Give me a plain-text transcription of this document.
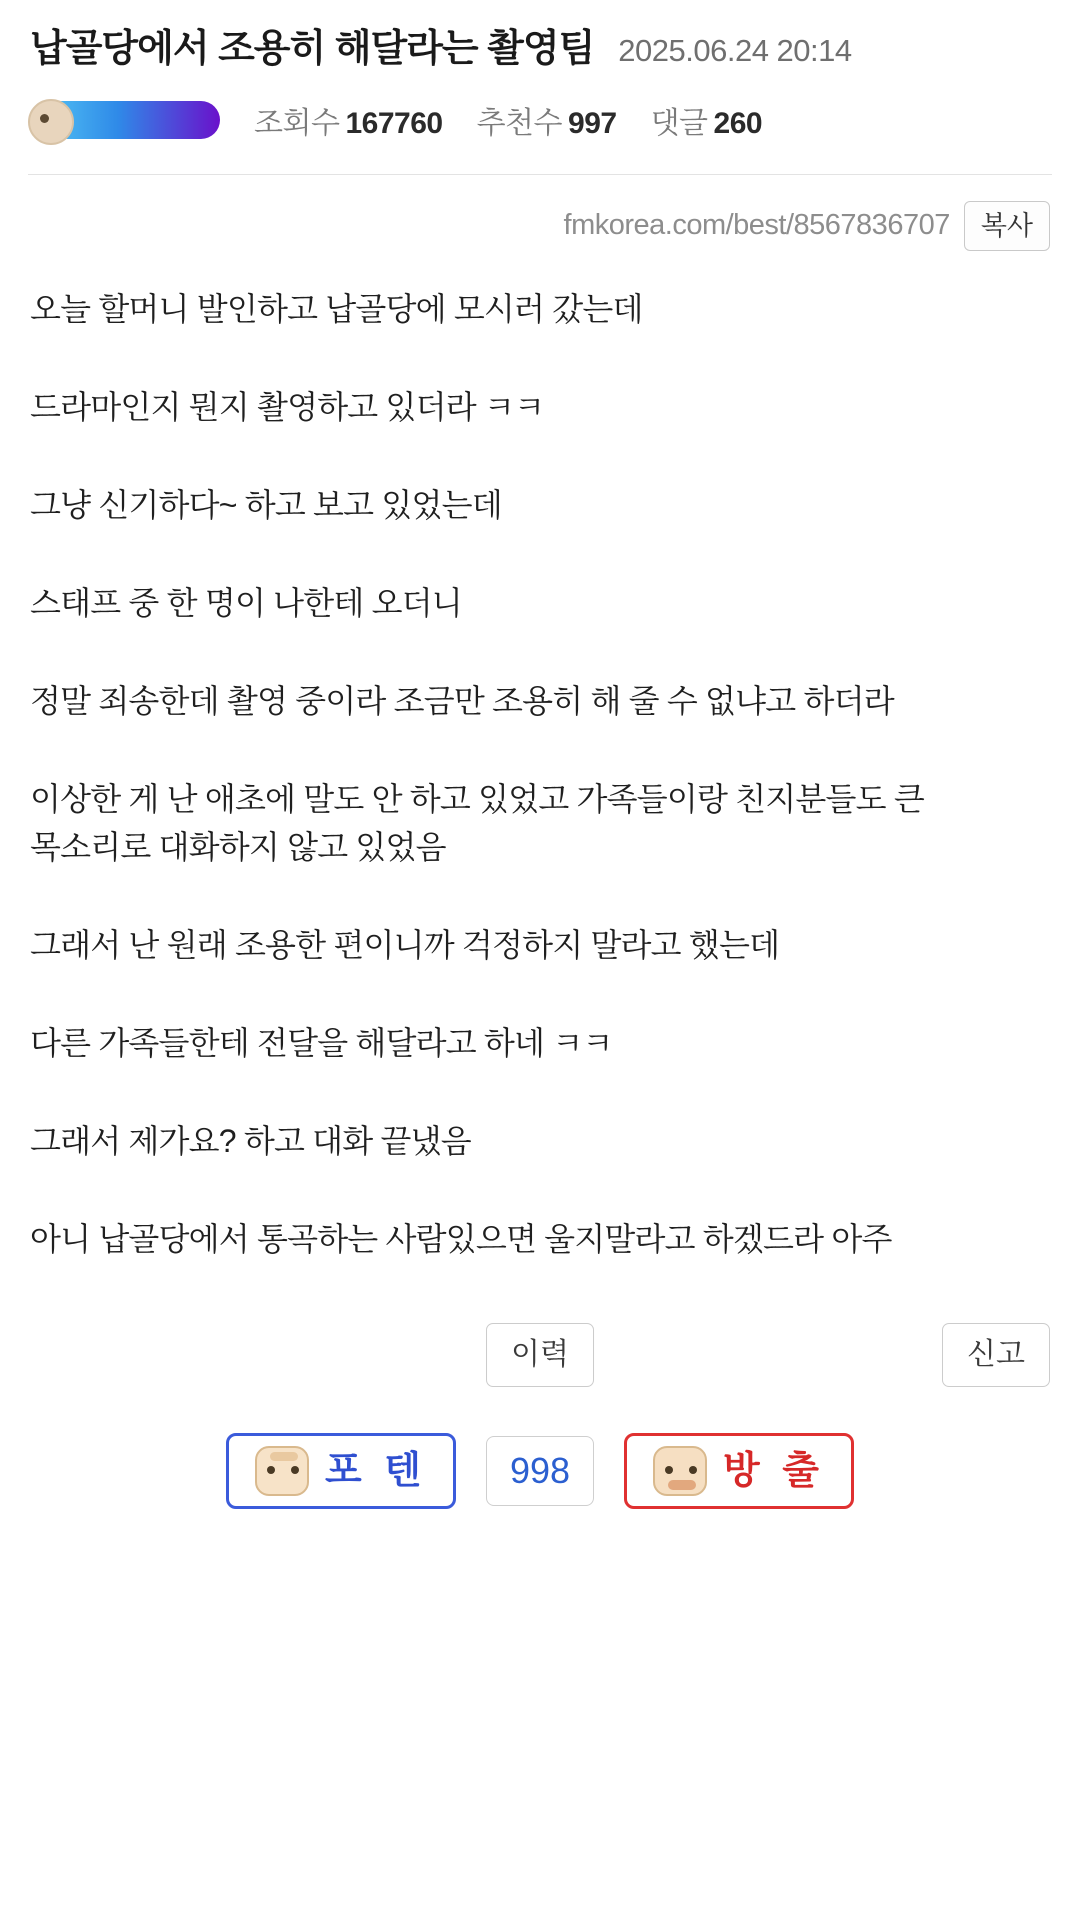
납골당에서 조용히 해달라는 촬영팀 2025.06.24 20:14
조회수 167760 추천수 997 댓글 260
fmkorea.com/best/8567836707	복사

오늘 할머니 발인하고 납골당에 모시러 갔는데

드라마인지 뭔지 촬영하고 있더라 ㅋㅋ

그냥 신기하다~ 하고 보고 있었는데

스태프 중 한 명이 나한테 오더니

정말 죄송한데 촬영 중이라 조금만 조용히 해 줄 수 없냐고 하더라

이상한 게 난 애초에 말도 안 하고 있었고 가족들이랑 친지분들도 큰 목소리로 대화하지 않고 있었음

그래서 난 원래 조용한 편이니까 걱정하지 말라고 했는데

다른 가족들한테 전달을 해달라고 하네 ㅋㅋ

그래서 제가요? 하고 대화 끝냈음

아니 납골당에서 통곡하는 사람있으면 울지말라고 하겠드라 아주

이력	신고
포 텐	998	방 출
